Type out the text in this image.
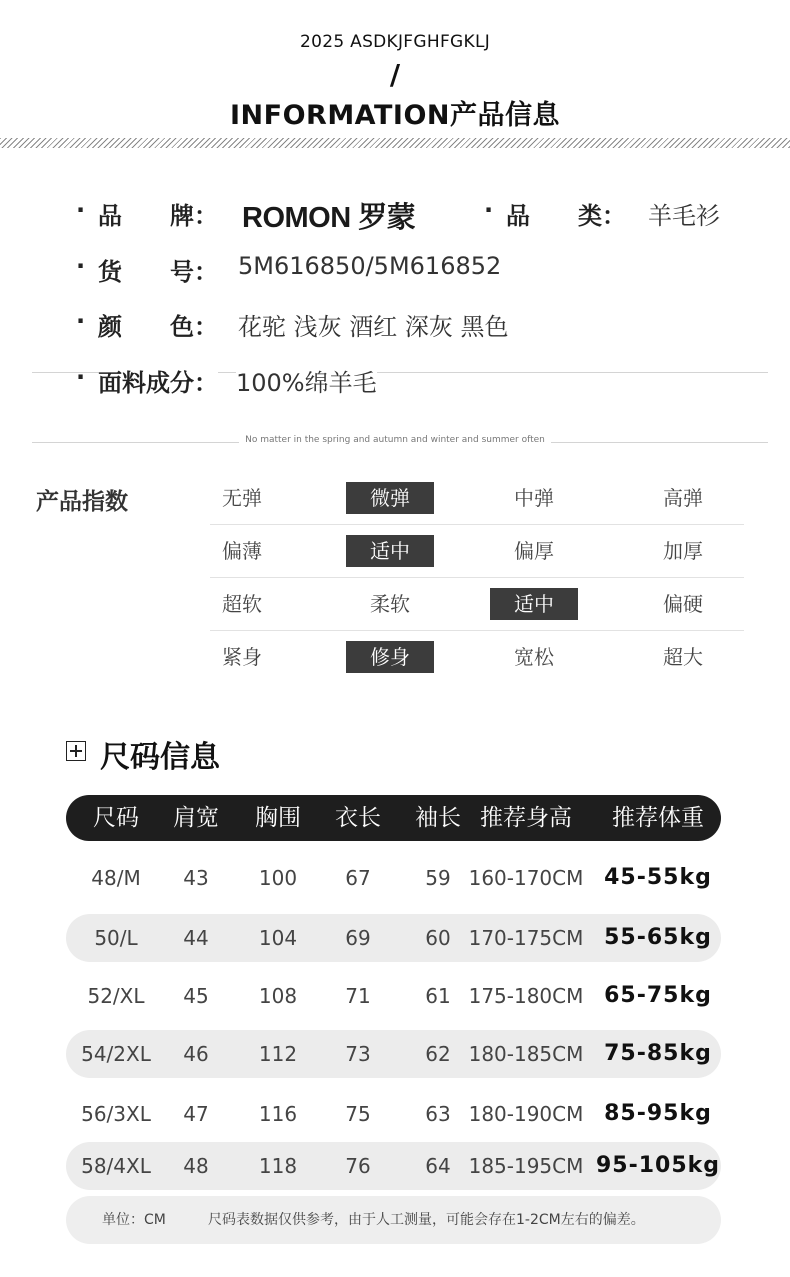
2025 ASDKJFGHFGKLJ
/
INFORMATION产品信息
· 品　　牌： ROMON 罗蒙	· 品　　类： 羊毛衫
· 货　　号： 5M616850/5M616852
· 颜　　色： 花驼 浅灰 酒红 深灰 黑色
· 面料成分： 100%绵羊毛
No matter in the spring and autumn and winter and summer often
产品指数	无弹	微弹	中弹	高弹
偏薄	适中	偏厚	加厚
超软	柔软	适中	偏硬
紧身	修身	宽松	超大
尺码信息
尺码	肩宽	胸围	衣长	袖长 推荐身高	推荐体重
48/M	43	100	67	59 160-170CM 45-55kg
50/L	44	104	69	60 170-175CM 55-65kg
52/XL	45	108	71	61 175-180CM 65-75kg
54/2XL	46	112	73	62 180-185CM 75-85kg
56/3XL	47	116	75	63 180-190CM 85-95kg
58/4XL	48	118	76	64 185-195CM 95-105kg
单位：CM	尺码表数据仅供参考，由于人工测量，可能会存在1-2CM左右的偏差。
